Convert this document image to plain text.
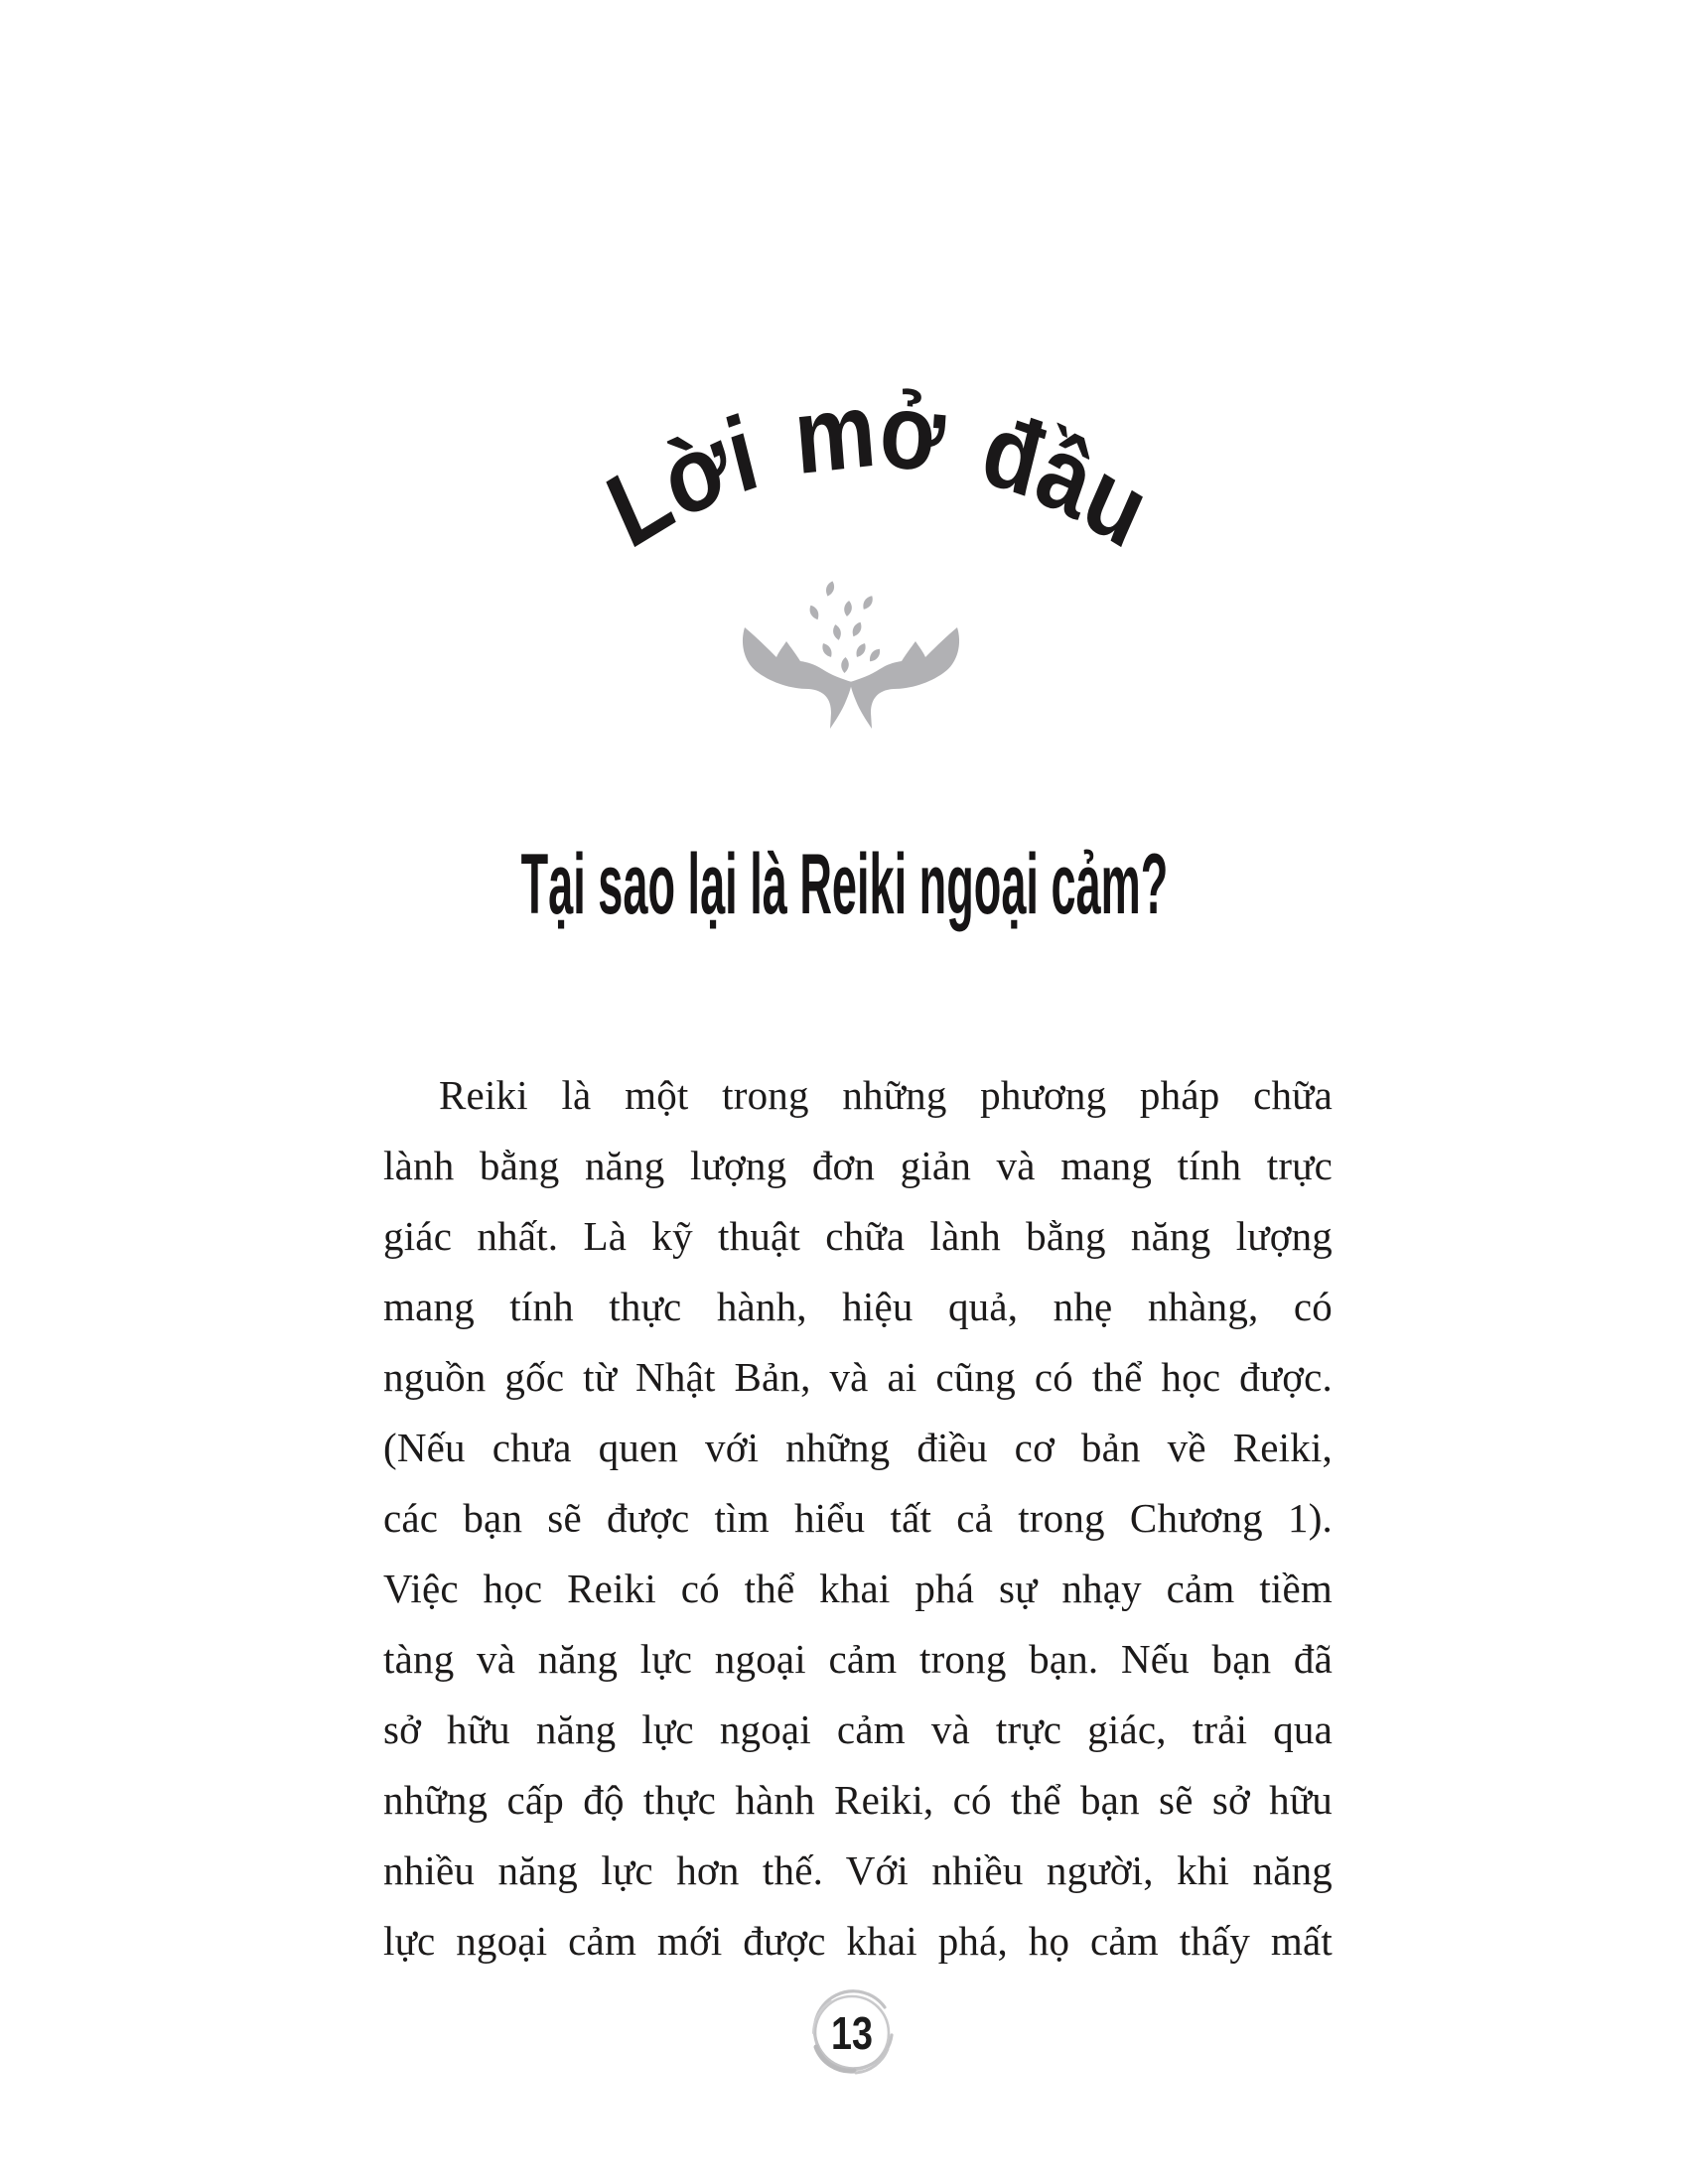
Lời mở đầu
Tại sao lại là Reiki ngoại cảm?
Reiki là một trong những phương pháp chữa
lành bằng năng lượng đơn giản và mang tính trực
giác nhất. Là kỹ thuật chữa lành bằng năng lượng
mang tính thực hành, hiệu quả, nhẹ nhàng, có
nguồn gốc từ Nhật Bản, và ai cũng có thể học được.
(Nếu chưa quen với những điều cơ bản về Reiki,
các bạn sẽ được tìm hiểu tất cả trong Chương 1).
Việc học Reiki có thể khai phá sự nhạy cảm tiềm
tàng và năng lực ngoại cảm trong bạn. Nếu bạn đã
sở hữu năng lực ngoại cảm và trực giác, trải qua
những cấp độ thực hành Reiki, có thể bạn sẽ sở hữu
nhiều năng lực hơn thế. Với nhiều người, khi năng
lực ngoại cảm mới được khai phá, họ cảm thấy mất
13
